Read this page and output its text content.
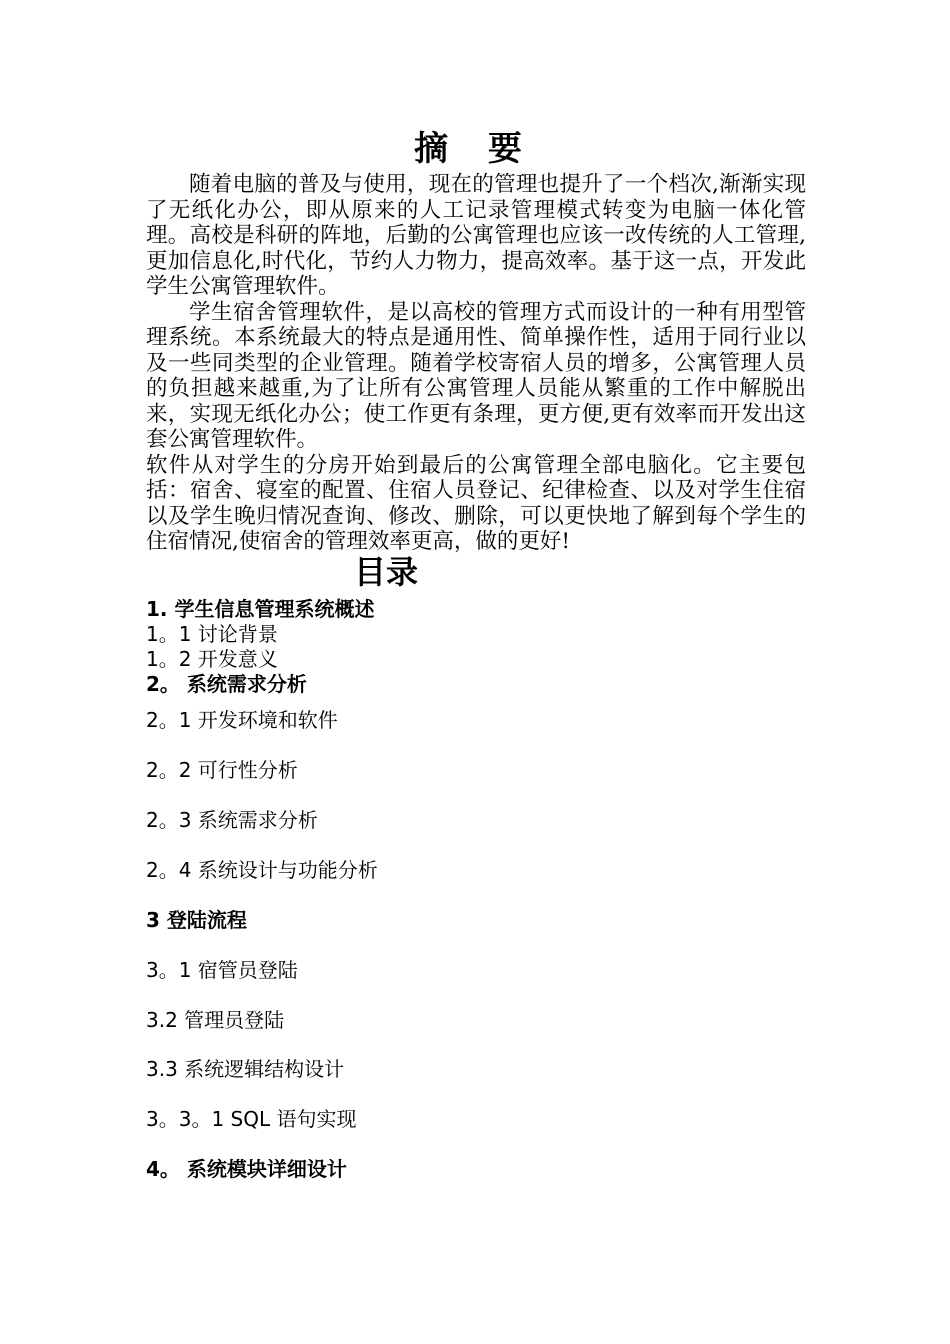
摘 要

随着电脑的普及与使用，现在的管理也提升了一个档次,渐渐实现了无纸化办公，即从原来的人工记录管理模式转变为电脑一体化管理。高校是科研的阵地，后勤的公寓管理也应该一改传统的人工管理,更加信息化,时代化，节约人力物力，提高效率。基于这一点，开发此学生公寓管理软件。

学生宿舍管理软件，是以高校的管理方式而设计的一种有用型管理系统。本系统最大的特点是通用性、简单操作性，适用于同行业以及一些同类型的企业管理。随着学校寄宿人员的增多，公寓管理人员的负担越来越重,为了让所有公寓管理人员能从繁重的工作中解脱出来，实现无纸化办公；使工作更有条理，更方便,更有效率而开发出这套公寓管理软件。

软件从对学生的分房开始到最后的公寓管理全部电脑化。它主要包括：宿舍、寝室的配置、住宿人员登记、纪律检查、以及对学生住宿以及学生晚归情况查询、修改、删除，可以更快地了解到每个学生的住宿情况,使宿舍的管理效率更高，做的更好!

目录
1. 学生信息管理系统概述
1。1 讨论背景
1。2 开发意义
2。 系统需求分析
2。1 开发环境和软件
2。2 可行性分析
2。3 系统需求分析
2。4 系统设计与功能分析
3 登陆流程
3。1 宿管员登陆
3.2 管理员登陆
3.3 系统逻辑结构设计
3。3。1 SQL 语句实现
4。 系统模块详细设计
